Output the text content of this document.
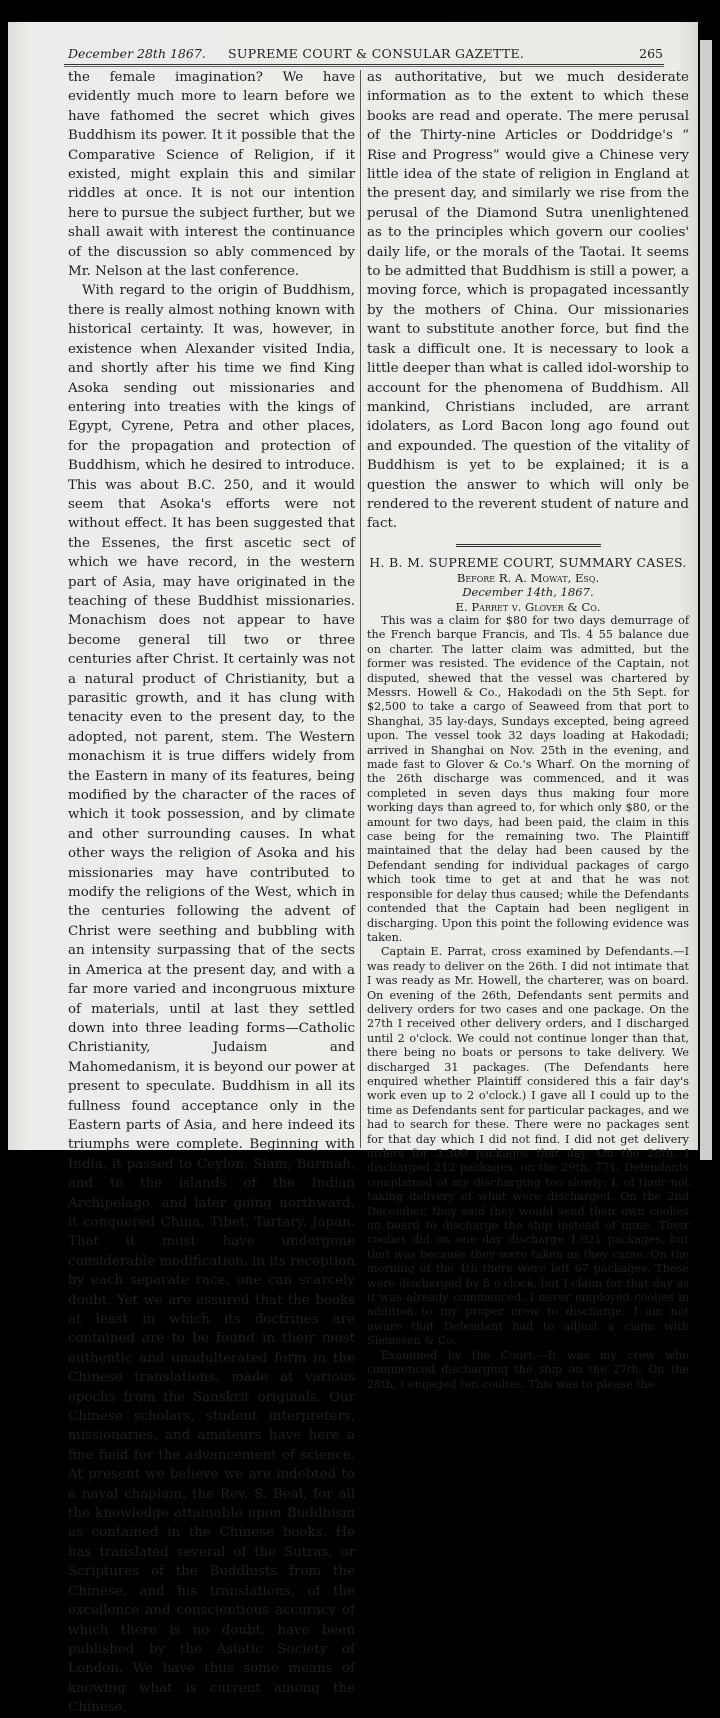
December 28th 1867. SUPREME COURT & CONSULAR GAZETTE.	265

the female imagination? We have evidently much more to learn before we have fathomed the secret which gives Buddhism its power. It it possible that the Comparative Science of Religion, if it existed, might explain this and similar riddles at once. It is not our intention here to pursue the subject further, but we shall await with interest the continuance of the discussion so ably commenced by Mr. Nelson at the last conference.

With regard to the origin of Buddhism, there is really almost nothing known with historical certainty. It was, however, in existence when Alexander visited India, and shortly after his time we find King Asoka sending out missionaries and entering into treaties with the kings of Egypt, Cyrene, Petra and other places, for the propagation and protection of Buddhism, which he desired to introduce. This was about B.C. 250, and it would seem that Asoka's efforts were not without effect. It has been suggested that the Essenes, the first ascetic sect of which we have record, in the western part of Asia, may have originated in the teaching of these Buddhist missionaries. Monachism does not appear to have become general till two or three centuries after Christ. It certainly was not a natural product of Christianity, but a parasitic growth, and it has clung with tenacity even to the present day, to the adopted, not parent, stem. The Western monachism it is true differs widely from the Eastern in many of its features, being modified by the character of the races of which it took possession, and by climate and other surrounding causes. In what other ways the religion of Asoka and his missionaries may have contributed to modify the religions of the West, which in the centuries following the advent of Christ were seething and bubbling with an intensity surpassing that of the sects in America at the present day, and with a far more varied and incongruous mixture of materials, until at last they settled down into three leading forms—Catholic Christianity, Judaism and Mahomedanism, it is beyond our power at present to speculate. Buddhism in all its fullness found acceptance only in the Eastern parts of Asia, and here indeed its triumphs were complete. Beginning with India, it passed to Ceylon, Siam, Burmah, and to the islands of the Indian Archipelago, and later going northward, it conquered China, Tibet, Tartary, Japan. That it must have undergone considerable modification, in its reception by each separate race, one can scarcely doubt. Yet we are assured that the books at least in which its doctrines are contained are to be found in their most authentic and unadulterated form in the Chinese translations, made at various epochs from the Sanskrit originals. Our Chinese scholars, student interpreters, missionaries, and amateurs have here a fine field for the advancement of science. At present we believe we are indebted to a naval chaplain, the Rev. S. Beal, for all the knowledge attainable upon Buddhism as contained in the Chinese books. He has translated several of the Sutras, or Scriptures of the Buddhists from the Chinese, and his translations, of the excellence and conscientious accuracy of which there is no doubt, have been published by the Asiatic Society of London. We have thus some means of knowing what is current among the Chinese,

as authoritative, but we much desiderate information as to the extent to which these books are read and operate. The mere perusal of the Thirty-nine Articles or Doddridge's “ Rise and Progress” would give a Chinese very little idea of the state of religion in England at the present day, and similarly we rise from the perusal of the Diamond Sutra unenlightened as to the principles which govern our coolies' daily life, or the morals of the Taotai. It seems to be admitted that Buddhism is still a power, a moving force, which is propagated incessantly by the mothers of China. Our missionaries want to substitute another force, but find the task a difficult one. It is necessary to look a little deeper than what is called idol-worship to account for the phenomena of Buddhism. All mankind, Christians included, are arrant idolaters, as Lord Bacon long ago found out and expounded. The question of the vitality of Buddhism is yet to be explained; it is a question the answer to which will only be rendered to the reverent student of nature and fact.

H. B. M. SUPREME COURT, SUMMARY CASES.
Before R. A. Mowat, Esq.
December 14th, 1867.
E. Parret v. Glover & Co.

This was a claim for $80 for two days demurrage of the French barque Francis, and Tls. 4 55 balance due on charter. The latter claim was admitted, but the former was resisted. The evidence of the Captain, not disputed, shewed that the vessel was chartered by Messrs. Howell & Co., Hakodadi on the 5th Sept. for $2,500 to take a cargo of Seaweed from that port to Shanghai, 35 lay-days, Sundays excepted, being agreed upon. The vessel took 32 days loading at Hakodadi; arrived in Shanghai on Nov. 25th in the evening, and made fast to Glover & Co.'s Wharf. On the morning of the 26th discharge was commenced, and it was completed in seven days thus making four more working days than agreed to, for which only $80, or the amount for two days, had been paid, the claim in this case being for the remaining two. The Plaintiff maintained that the delay had been caused by the Defendant sending for individual packages of cargo which took time to get at and that he was not responsible for delay thus caused; while the Defendants contended that the Captain had been negligent in discharging. Upon this point the following evidence was taken.

Captain E. Parrat, cross examined by Defendants.—I was ready to deliver on the 26th. I did not intimate that I was ready as Mr. Howell, the charterer, was on board. On evening of the 26th, Defendants sent permits and delivery orders for two cases and one package. On the 27th I received other delivery orders, and I discharged until 2 o'clock. We could not continue longer than that, there being no boats or persons to take delivery. We discharged 31 packages. (The Defendants here enquired whether Plaintiff considered this a fair day's work even up to 2 o'clock.) I gave all I could up to the time as Defendants sent for particular packages, and we had to search for these. There were no packages sent for that day which I did not find. I did not get delivery orders for 3,500 packages that day. On the 28th, I discharged 212 packages, on the 29th, 771. Defendants complained of my discharging too slowly; I, of their not taking delivery of what were discharged. On the 2nd December, they said they would send their own coolies on board to discharge the ship instead of mine. Their coolies did on one day discharge 1,921 packages, but that was because they were taken as they came. On the morning of the 4th there were left 67 packages. These were discharged by 8 o'clock, but I claim for that day as it was already commenced. I never employed coolies in addition to my proper crew to discharge. I am not aware that Defendant had to adjust a claim with Siemssen & Co.

Examined by the Court.—It was my crew who commenced discharging the ship on the 27th. On the 28th, I engaged ten coolies. This was to please the
